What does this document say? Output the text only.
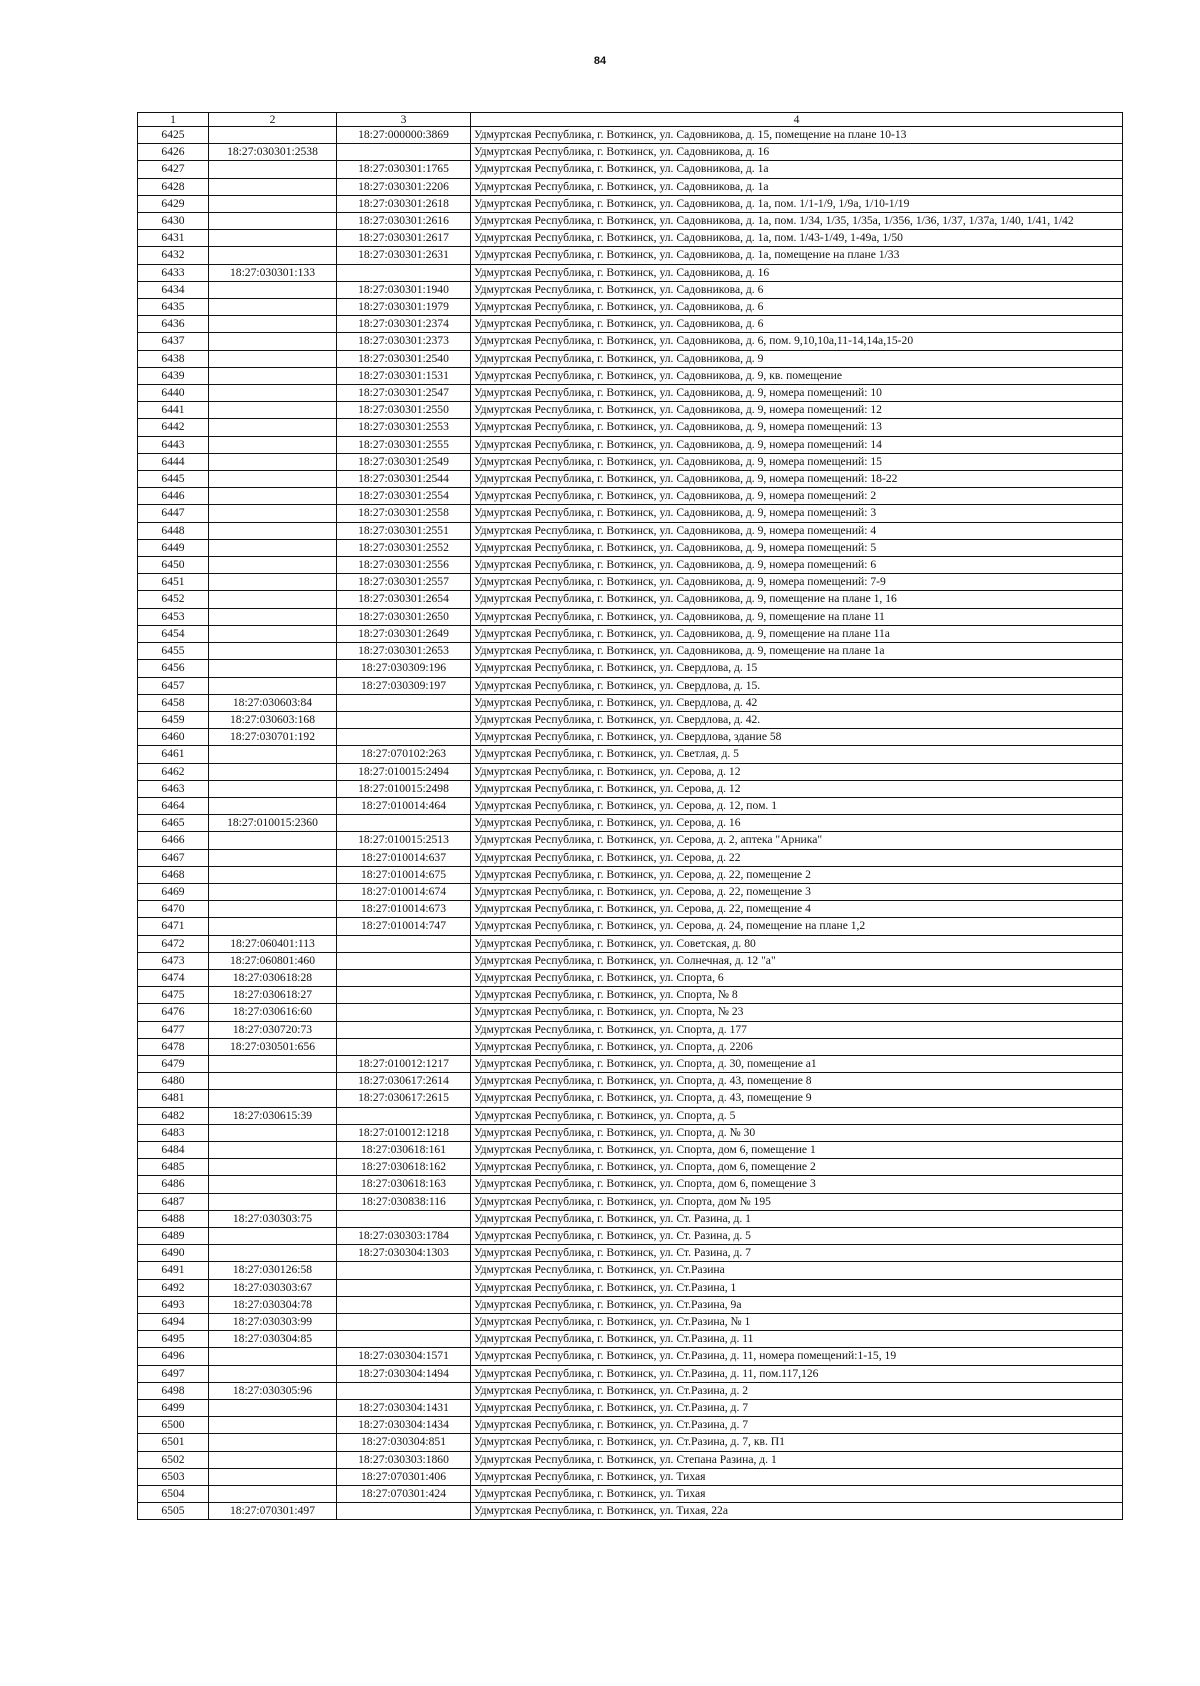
84
1	2	3	4
6425		18:27:000000:3869	Удмуртская Республика, г. Воткинск, ул. Садовникова, д. 15, помещение на плане 10-13
6426	18:27:030301:2538		Удмуртская Республика, г. Воткинск, ул. Садовникова, д. 16
6427		18:27:030301:1765	Удмуртская Республика, г. Воткинск, ул. Садовникова, д. 1а
6428		18:27:030301:2206	Удмуртская Республика, г. Воткинск, ул. Садовникова, д. 1а
6429		18:27:030301:2618	Удмуртская Республика, г. Воткинск, ул. Садовникова, д. 1а, пом. 1/1-1/9, 1/9а, 1/10-1/19
6430		18:27:030301:2616	Удмуртская Республика, г. Воткинск, ул. Садовникова, д. 1а, пом. 1/34, 1/35, 1/35а, 1/356, 1/36, 1/37, 1/37а, 1/40, 1/41, 1/42
6431		18:27:030301:2617	Удмуртская Республика, г. Воткинск, ул. Садовникова, д. 1а, пом. 1/43-1/49, 1-49а, 1/50
6432		18:27:030301:2631	Удмуртская Республика, г. Воткинск, ул. Садовникова, д. 1а, помещение на плане 1/33
6433	18:27:030301:133		Удмуртская Республика, г. Воткинск, ул. Садовникова, д. 16
6434		18:27:030301:1940	Удмуртская Республика, г. Воткинск, ул. Садовникова, д. 6
6435		18:27:030301:1979	Удмуртская Республика, г. Воткинск, ул. Садовникова, д. 6
6436		18:27:030301:2374	Удмуртская Республика, г. Воткинск, ул. Садовникова, д. 6
6437		18:27:030301:2373	Удмуртская Республика, г. Воткинск, ул. Садовникова, д. 6, пом. 9,10,10а,11-14,14а,15-20
6438		18:27:030301:2540	Удмуртская Республика, г. Воткинск, ул. Садовникова, д. 9
6439		18:27:030301:1531	Удмуртская Республика, г. Воткинск, ул. Садовникова, д. 9, кв. помещение
6440		18:27:030301:2547	Удмуртская Республика, г. Воткинск, ул. Садовникова, д. 9, номера помещений: 10
6441		18:27:030301:2550	Удмуртская Республика, г. Воткинск, ул. Садовникова, д. 9, номера помещений: 12
6442		18:27:030301:2553	Удмуртская Республика, г. Воткинск, ул. Садовникова, д. 9, номера помещений: 13
6443		18:27:030301:2555	Удмуртская Республика, г. Воткинск, ул. Садовникова, д. 9, номера помещений: 14
6444		18:27:030301:2549	Удмуртская Республика, г. Воткинск, ул. Садовникова, д. 9, номера помещений: 15
6445		18:27:030301:2544	Удмуртская Республика, г. Воткинск, ул. Садовникова, д. 9, номера помещений: 18-22
6446		18:27:030301:2554	Удмуртская Республика, г. Воткинск, ул. Садовникова, д. 9, номера помещений: 2
6447		18:27:030301:2558	Удмуртская Республика, г. Воткинск, ул. Садовникова, д. 9, номера помещений: 3
6448		18:27:030301:2551	Удмуртская Республика, г. Воткинск, ул. Садовникова, д. 9, номера помещений: 4
6449		18:27:030301:2552	Удмуртская Республика, г. Воткинск, ул. Садовникова, д. 9, номера помещений: 5
6450		18:27:030301:2556	Удмуртская Республика, г. Воткинск, ул. Садовникова, д. 9, номера помещений: 6
6451		18:27:030301:2557	Удмуртская Республика, г. Воткинск, ул. Садовникова, д. 9, номера помещений: 7-9
6452		18:27:030301:2654	Удмуртская Республика, г. Воткинск, ул. Садовникова, д. 9, помещение на плане 1, 16
6453		18:27:030301:2650	Удмуртская Республика, г. Воткинск, ул. Садовникова, д. 9, помещение на плане 11
6454		18:27:030301:2649	Удмуртская Республика, г. Воткинск, ул. Садовникова, д. 9, помещение на плане 11а
6455		18:27:030301:2653	Удмуртская Республика, г. Воткинск, ул. Садовникова, д. 9, помещение на плане 1а
6456		18:27:030309:196	Удмуртская Республика, г. Воткинск, ул. Свердлова, д. 15
6457		18:27:030309:197	Удмуртская Республика, г. Воткинск, ул. Свердлова, д. 15.
6458	18:27:030603:84		Удмуртская Республика, г. Воткинск, ул. Свердлова, д. 42
6459	18:27:030603:168		Удмуртская Республика, г. Воткинск, ул. Свердлова, д. 42.
6460	18:27:030701:192		Удмуртская Республика, г. Воткинск, ул. Свердлова, здание 58
6461		18:27:070102:263	Удмуртская Республика, г. Воткинск, ул. Светлая, д. 5
6462		18:27:010015:2494	Удмуртская Республика, г. Воткинск, ул. Серова, д. 12
6463		18:27:010015:2498	Удмуртская Республика, г. Воткинск, ул. Серова, д. 12
6464		18:27:010014:464	Удмуртская Республика, г. Воткинск, ул. Серова, д. 12, пом. 1
6465	18:27:010015:2360		Удмуртская Республика, г. Воткинск, ул. Серова, д. 16
6466		18:27:010015:2513	Удмуртская Республика, г. Воткинск, ул. Серова, д. 2, аптека "Арника"
6467		18:27:010014:637	Удмуртская Республика, г. Воткинск, ул. Серова, д. 22
6468		18:27:010014:675	Удмуртская Республика, г. Воткинск, ул. Серова, д. 22, помещение 2
6469		18:27:010014:674	Удмуртская Республика, г. Воткинск, ул. Серова, д. 22, помещение 3
6470		18:27:010014:673	Удмуртская Республика, г. Воткинск, ул. Серова, д. 22, помещение 4
6471		18:27:010014:747	Удмуртская Республика, г. Воткинск, ул. Серова, д. 24, помещение на плане 1,2
6472	18:27:060401:113		Удмуртская Республика, г. Воткинск, ул. Советская, д. 80
6473	18:27:060801:460		Удмуртская Республика, г. Воткинск, ул. Солнечная, д. 12 "а"
6474	18:27:030618:28		Удмуртская Республика, г. Воткинск, ул. Спорта, 6
6475	18:27:030618:27		Удмуртская Республика, г. Воткинск, ул. Спорта, № 8
6476	18:27:030616:60		Удмуртская Республика, г. Воткинск, ул. Спорта, № 23
6477	18:27:030720:73		Удмуртская Республика, г. Воткинск, ул. Спорта, д. 177
6478	18:27:030501:656		Удмуртская Республика, г. Воткинск, ул. Спорта, д. 2206
6479		18:27:010012:1217	Удмуртская Республика, г. Воткинск, ул. Спорта, д. 30, помещение а1
6480		18:27:030617:2614	Удмуртская Республика, г. Воткинск, ул. Спорта, д. 43, помещение 8
6481		18:27:030617:2615	Удмуртская Республика, г. Воткинск, ул. Спорта, д. 43, помещение 9
6482	18:27:030615:39		Удмуртская Республика, г. Воткинск, ул. Спорта, д. 5
6483		18:27:010012:1218	Удмуртская Республика, г. Воткинск, ул. Спорта, д. № 30
6484		18:27:030618:161	Удмуртская Республика, г. Воткинск, ул. Спорта, дом 6, помещение 1
6485		18:27:030618:162	Удмуртская Республика, г. Воткинск, ул. Спорта, дом 6, помещение 2
6486		18:27:030618:163	Удмуртская Республика, г. Воткинск, ул. Спорта, дом 6, помещение 3
6487		18:27:030838:116	Удмуртская Республика, г. Воткинск, ул. Спорта, дом № 195
6488	18:27:030303:75		Удмуртская Республика, г. Воткинск, ул. Ст. Разина, д. 1
6489		18:27:030303:1784	Удмуртская Республика, г. Воткинск, ул. Ст. Разина, д. 5
6490		18:27:030304:1303	Удмуртская Республика, г. Воткинск, ул. Ст. Разина, д. 7
6491	18:27:030126:58		Удмуртская Республика, г. Воткинск, ул. Ст.Разина
6492	18:27:030303:67		Удмуртская Республика, г. Воткинск, ул. Ст.Разина, 1
6493	18:27:030304:78		Удмуртская Республика, г. Воткинск, ул. Ст.Разина, 9а
6494	18:27:030303:99		Удмуртская Республика, г. Воткинск, ул. Ст.Разина, № 1
6495	18:27:030304:85		Удмуртская Республика, г. Воткинск, ул. Ст.Разина, д. 11
6496		18:27:030304:1571	Удмуртская Республика, г. Воткинск, ул. Ст.Разина, д. 11, номера помещений:1-15, 19
6497		18:27:030304:1494	Удмуртская Республика, г. Воткинск, ул. Ст.Разина, д. 11, пом.117,126
6498	18:27:030305:96		Удмуртская Республика, г. Воткинск, ул. Ст.Разина, д. 2
6499		18:27:030304:1431	Удмуртская Республика, г. Воткинск, ул. Ст.Разина, д. 7
6500		18:27:030304:1434	Удмуртская Республика, г. Воткинск, ул. Ст.Разина, д. 7
6501		18:27:030304:851	Удмуртская Республика, г. Воткинск, ул. Ст.Разина, д. 7, кв. П1
6502		18:27:030303:1860	Удмуртская Республика, г. Воткинск, ул. Степана Разина, д. 1
6503		18:27:070301:406	Удмуртская Республика, г. Воткинск, ул. Тихая
6504		18:27:070301:424	Удмуртская Республика, г. Воткинск, ул. Тихая
6505	18:27:070301:497		Удмуртская Республика, г. Воткинск, ул. Тихая, 22а
